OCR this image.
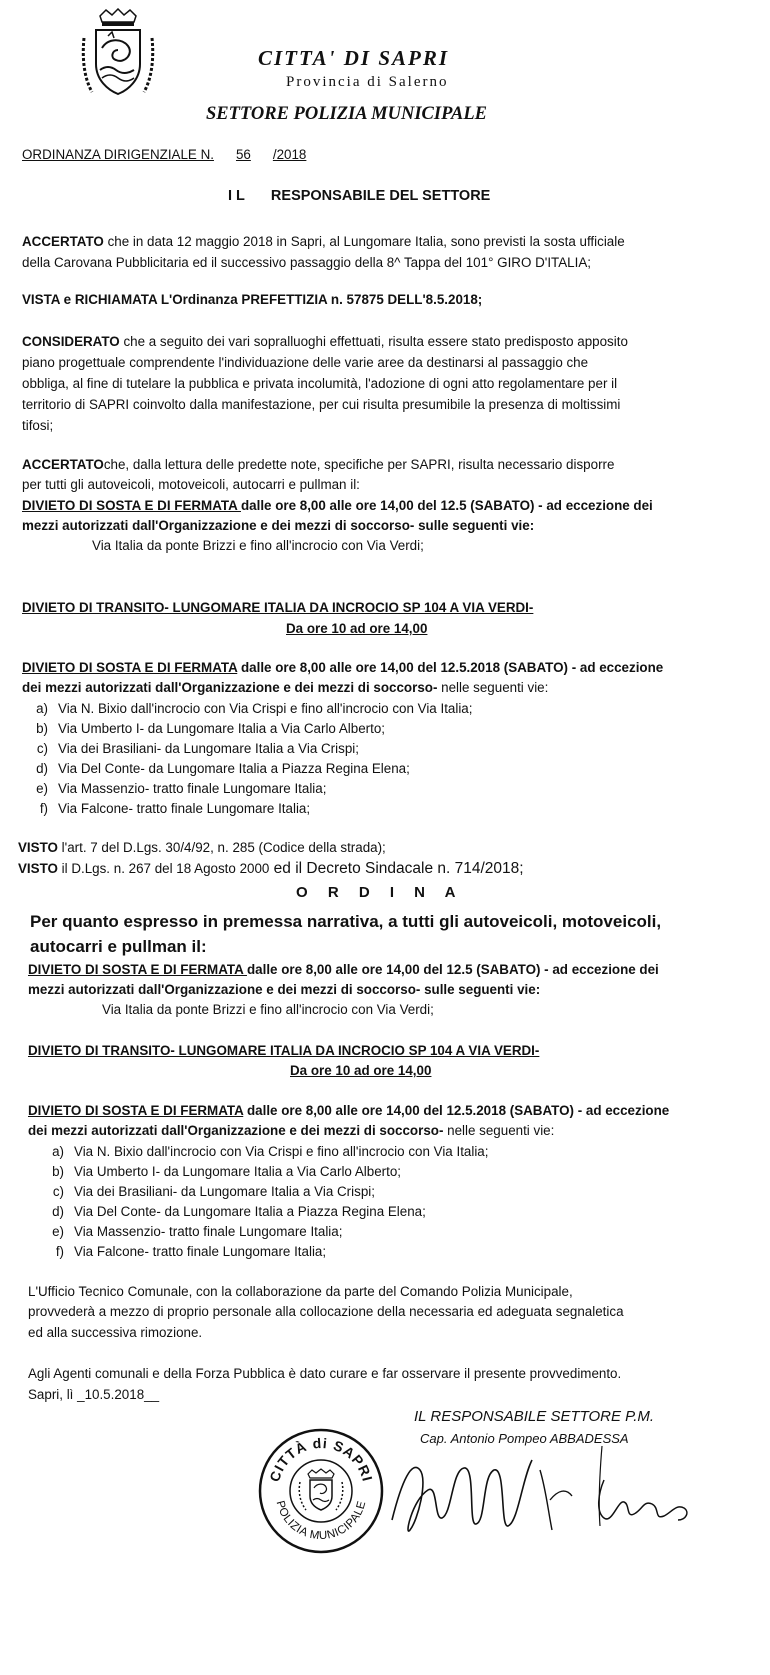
CITTA' DI SAPRI
Provincia di Salerno
SETTORE POLIZIA MUNICIPALE
ORDINANZA DIRIGENZIALE N. 56 /2018
I L RESPONSABILE DEL SETTORE
ACCERTATO che in data 12 maggio 2018 in Sapri, al Lungomare Italia, sono previsti la sosta ufficiale
della Carovana Pubblicitaria ed il successivo passaggio della 8^ Tappa del 101° GIRO D'ITALIA;
VISTA e RICHIAMATA L'Ordinanza PREFETTIZIA n. 57875 DELL'8.5.2018;
CONSIDERATO che a seguito dei vari sopralluoghi effettuati, risulta essere stato predisposto apposito
piano progettuale comprendente l'individuazione delle varie aree da destinarsi al passaggio che
obbliga, al fine di tutelare la pubblica e privata incolumità, l'adozione di ogni atto regolamentare per il
territorio di SAPRI coinvolto dalla manifestazione, per cui risulta presumibile la presenza di moltissimi
tifosi;
ACCERTATOche, dalla lettura delle predette note, specifiche per SAPRI, risulta necessario disporre
per tutti gli autoveicoli, motoveicoli, autocarri e pullman il:
DIVIETO DI SOSTA E DI FERMATA dalle ore 8,00 alle ore 14,00 del 12.5 (SABATO) - ad eccezione dei
mezzi autorizzati dall'Organizzazione e dei mezzi di soccorso- sulle seguenti vie:
Via Italia da ponte Brizzi e fino all'incrocio con Via Verdi;
DIVIETO DI TRANSITO- LUNGOMARE ITALIA DA INCROCIO SP 104 A VIA VERDI-
Da ore 10 ad ore 14,00
DIVIETO DI SOSTA E DI FERMATA dalle ore 8,00 alle ore 14,00 del 12.5.2018 (SABATO) - ad eccezione
dei mezzi autorizzati dall'Organizzazione e dei mezzi di soccorso- nelle seguenti vie:
a) Via N. Bixio dall'incrocio con Via Crispi e fino all'incrocio con Via Italia;
b) Via Umberto I- da Lungomare Italia a Via Carlo Alberto;
c) Via dei Brasiliani- da Lungomare Italia a Via Crispi;
d) Via Del Conte- da Lungomare Italia a Piazza Regina Elena;
e) Via Massenzio- tratto finale Lungomare Italia;
f) Via Falcone- tratto finale Lungomare Italia;
VISTO l'art. 7 del D.Lgs. 30/4/92, n. 285 (Codice della strada);
VISTO il D.Lgs. n. 267 del 18 Agosto 2000 ed il Decreto Sindacale n. 714/2018;
O R D I N A
Per quanto espresso in premessa narrativa, a tutti gli autoveicoli, motoveicoli,
autocarri e pullman il:
DIVIETO DI SOSTA E DI FERMATA dalle ore 8,00 alle ore 14,00 del 12.5 (SABATO) - ad eccezione dei
mezzi autorizzati dall'Organizzazione e dei mezzi di soccorso- sulle seguenti vie:
Via Italia da ponte Brizzi e fino all'incrocio con Via Verdi;
DIVIETO DI TRANSITO- LUNGOMARE ITALIA DA INCROCIO SP 104 A VIA VERDI-
Da ore 10 ad ore 14,00
DIVIETO DI SOSTA E DI FERMATA dalle ore 8,00 alle ore 14,00 del 12.5.2018 (SABATO) - ad eccezione
dei mezzi autorizzati dall'Organizzazione e dei mezzi di soccorso- nelle seguenti vie:
a) Via N. Bixio dall'incrocio con Via Crispi e fino all'incrocio con Via Italia;
b) Via Umberto I- da Lungomare Italia a Via Carlo Alberto;
c) Via dei Brasiliani- da Lungomare Italia a Via Crispi;
d) Via Del Conte- da Lungomare Italia a Piazza Regina Elena;
e) Via Massenzio- tratto finale Lungomare Italia;
f) Via Falcone- tratto finale Lungomare Italia;
L'Ufficio Tecnico Comunale, con la collaborazione da parte del Comando Polizia Municipale,
provvederà a mezzo di proprio personale alla collocazione della necessaria ed adeguata segnaletica
ed alla successiva rimozione.
Agli Agenti comunali e della Forza Pubblica è dato curare e far osservare il presente provvedimento.
Sapri, lì _10.5.2018__
IL RESPONSABILE SETTORE P.M.
Cap. Antonio Pompeo ABBADESSA
CITTÀ di SAPRI
POLIZIA MUNICIPALE
